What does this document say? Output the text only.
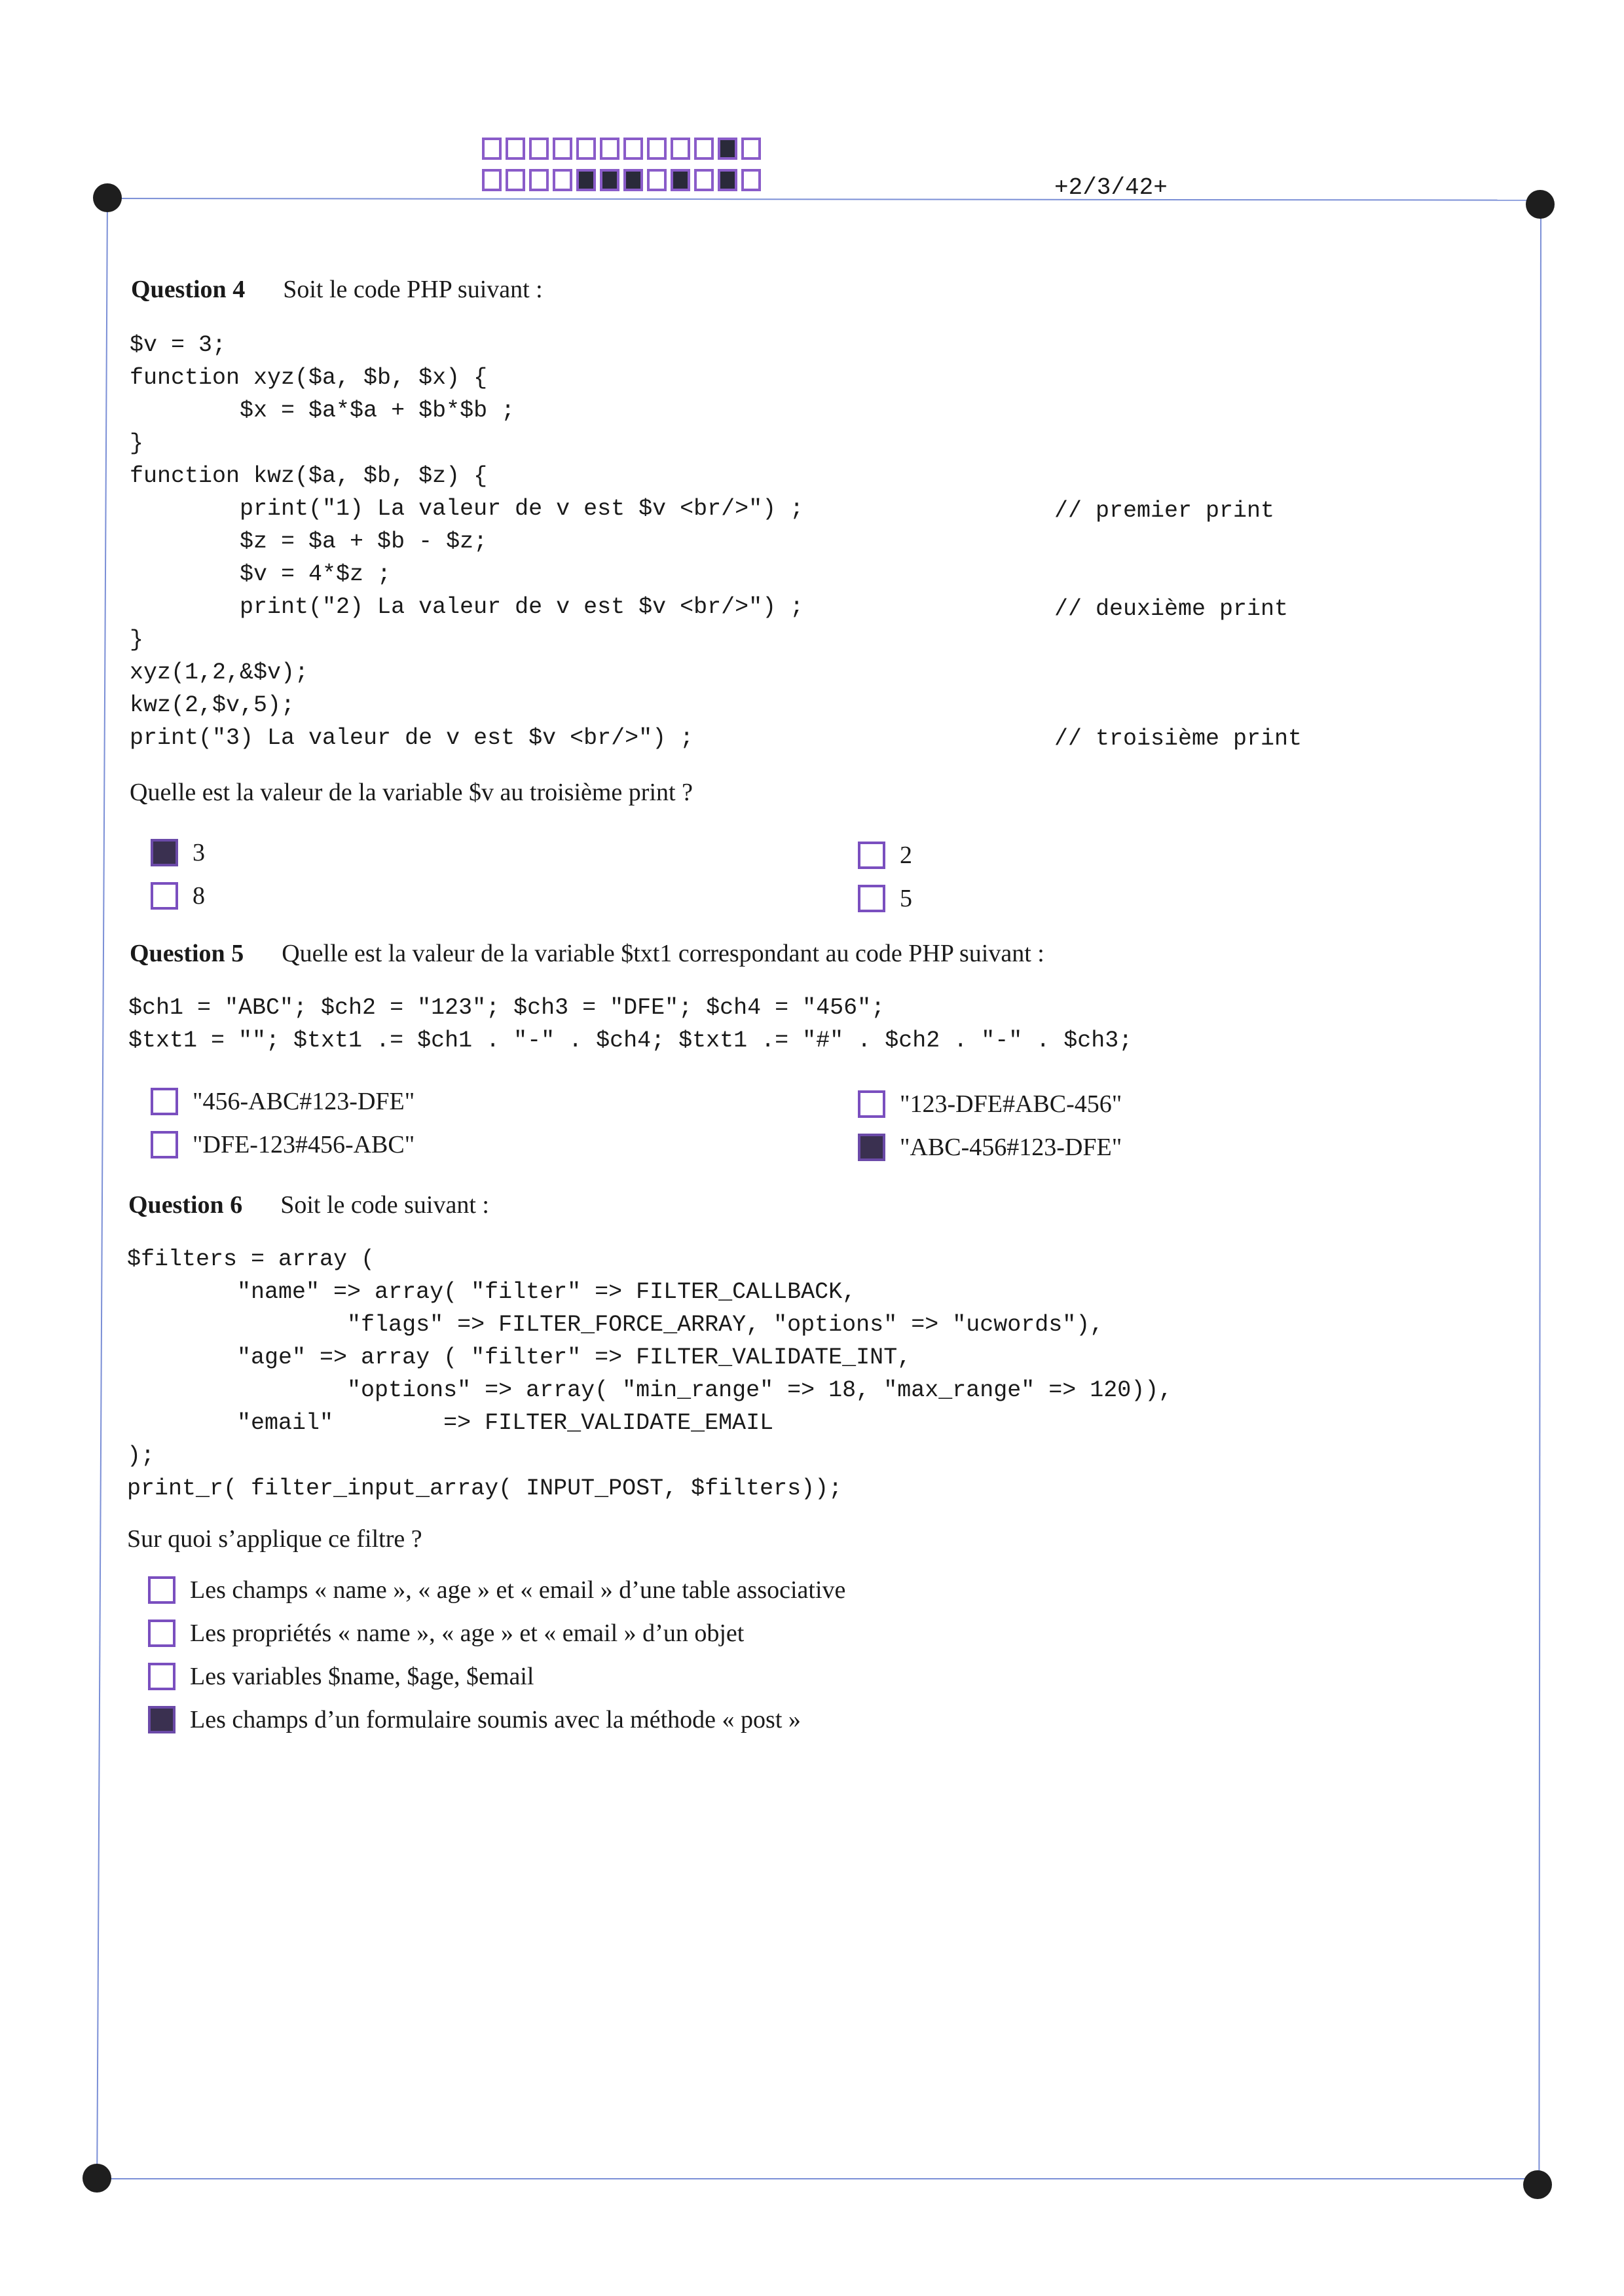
+2/3/42+
Question 4 Soit le code PHP suivant :
$v = 3;
function xyz($a, $b, $x) {
$x = $a*$a + $b*$b ;
}
function kwz($a, $b, $z) {
print("1) La valeur de v est $v <br/>") ;
$z = $a + $b - $z;
$v = 4*$z ;
print("2) La valeur de v est $v <br/>") ;
}
xyz(1,2,&$v);
kwz(2,$v,5);
print("3) La valeur de v est $v <br/>") ;
// premier print
// deuxième print
// troisième print
Quelle est la valeur de la variable $v au troisième print ?
3	2
8	5
Question 5 Quelle est la valeur de la variable $txt1 correspondant au code PHP suivant :
$ch1 = "ABC"; $ch2 = "123"; $ch3 = "DFE"; $ch4 = "456";
$txt1 = ""; $txt1 .= $ch1 . "-" . $ch4; $txt1 .= "#" . $ch2 . "-" . $ch3;
"456-ABC#123-DFE"	"123-DFE#ABC-456"
"DFE-123#456-ABC"	"ABC-456#123-DFE"
Question 6 Soit le code suivant :
$filters = array (
"name" => array( "filter" => FILTER_CALLBACK,
"flags" => FILTER_FORCE_ARRAY, "options" => "ucwords"),
"age" => array ( "filter" => FILTER_VALIDATE_INT,
"options" => array( "min_range" => 18, "max_range" => 120)),
"email"        => FILTER_VALIDATE_EMAIL
);
print_r( filter_input_array( INPUT_POST, $filters));
Sur quoi s’applique ce filtre ?
Les champs « name », « age » et « email » d’une table associative
Les propriétés « name », « age » et « email » d’un objet
Les variables $name, $age, $email
Les champs d’un formulaire soumis avec la méthode « post »
